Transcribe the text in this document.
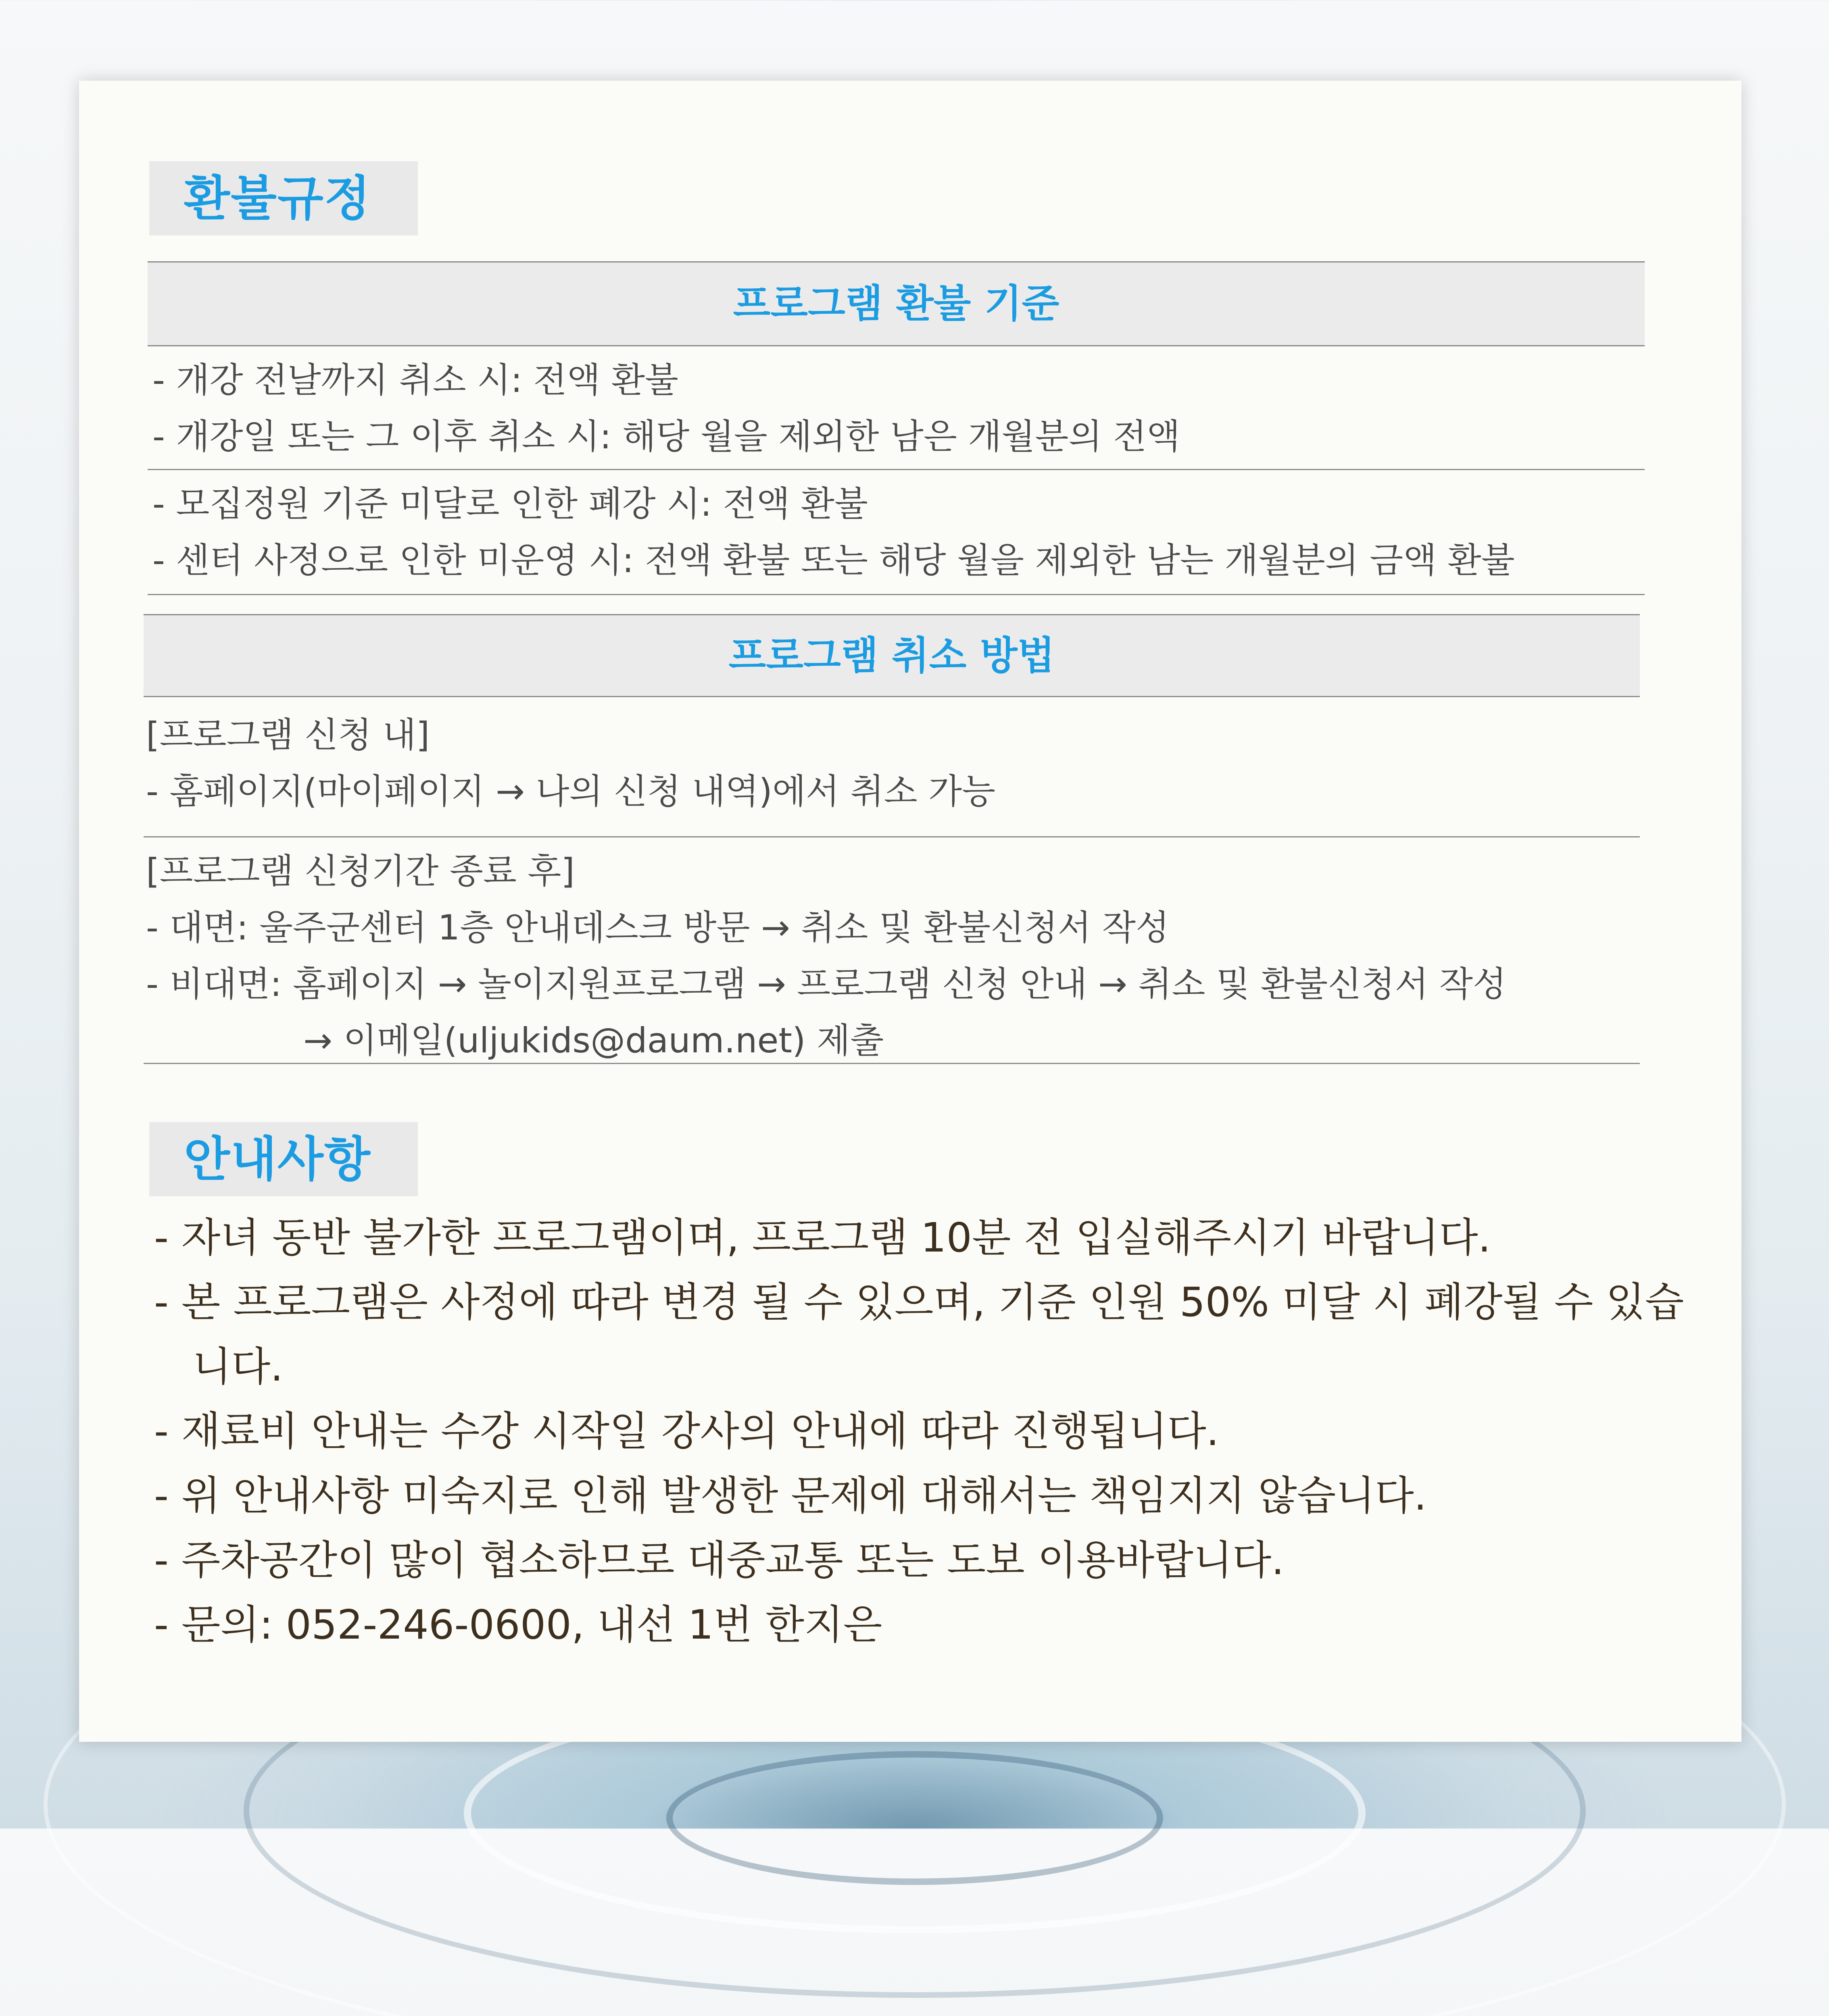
환불규정
프로그램 환불 기준
- 개강 전날까지 취소 시: 전액 환불
- 개강일 또는 그 이후 취소 시: 해당 월을 제외한 남은 개월분의 전액
- 모집정원 기준 미달로 인한 폐강 시: 전액 환불
- 센터 사정으로 인한 미운영 시: 전액 환불 또는 해당 월을 제외한 남는 개월분의 금액 환불
프로그램 취소 방법
[프로그램 신청 내]
- 홈페이지(마이페이지 → 나의 신청 내역)에서 취소 가능
[프로그램 신청기간 종료 후]
- 대면: 울주군센터 1층 안내데스크 방문 → 취소 및 환불신청서 작성
- 비대면: 홈페이지 → 놀이지원프로그램 → 프로그램 신청 안내 → 취소 및 환불신청서 작성
→ 이메일(uljukids@daum.net) 제출
안내사항
- 자녀 동반 불가한 프로그램이며, 프로그램 10분 전 입실해주시기 바랍니다.
- 본 프로그램은 사정에 따라 변경 될 수 있으며, 기준 인원 50% 미달 시 폐강될 수 있습니다.
- 재료비 안내는 수강 시작일 강사의 안내에 따라 진행됩니다.
- 위 안내사항 미숙지로 인해 발생한 문제에 대해서는 책임지지 않습니다.
- 주차공간이 많이 협소하므로 대중교통 또는 도보 이용바랍니다.
- 문의: 052-246-0600, 내선 1번 한지은
